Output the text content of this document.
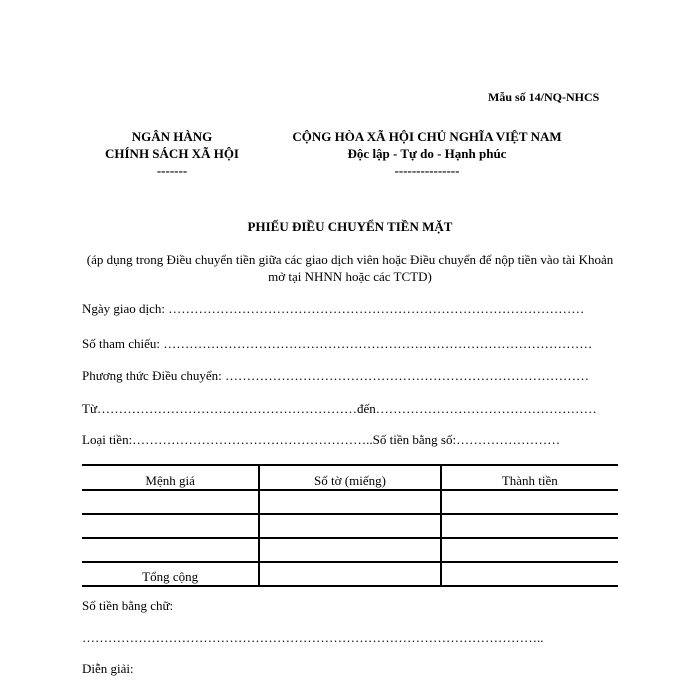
Mẫu số 14/NQ-NHCS
NGÂN HÀNG
CHÍNH SÁCH XÃ HỘI
-------
CỘNG HÒA XÃ HỘI CHỦ NGHĨA VIỆT NAM
Độc lập - Tự do - Hạnh phúc
---------------
PHIẾU ĐIỀU CHUYỂN TIỀN MẶT
(áp dụng trong Điều chuyển tiền giữa các giao dịch viên hoặc Điều chuyển để nộp tiền vào tài Khoản mở tại NHNN hoặc các TCTD)
Ngày giao dịch: ……………………………………………………………………………………
Số tham chiếu: ………………………………………………………………………………………
Phương thức Điều chuyển: …………………………………………………………………………
Từ……………………………………………………đến……………………………………………
Loại tiền:………………………………………………..Số tiền bằng số:……………………
Mệnh giá	Số tờ (miếng)	Thành tiền

Tổng cộng		
Số tiền bằng chữ:
……………………………………………………………………………………………..
Diễn giải:
